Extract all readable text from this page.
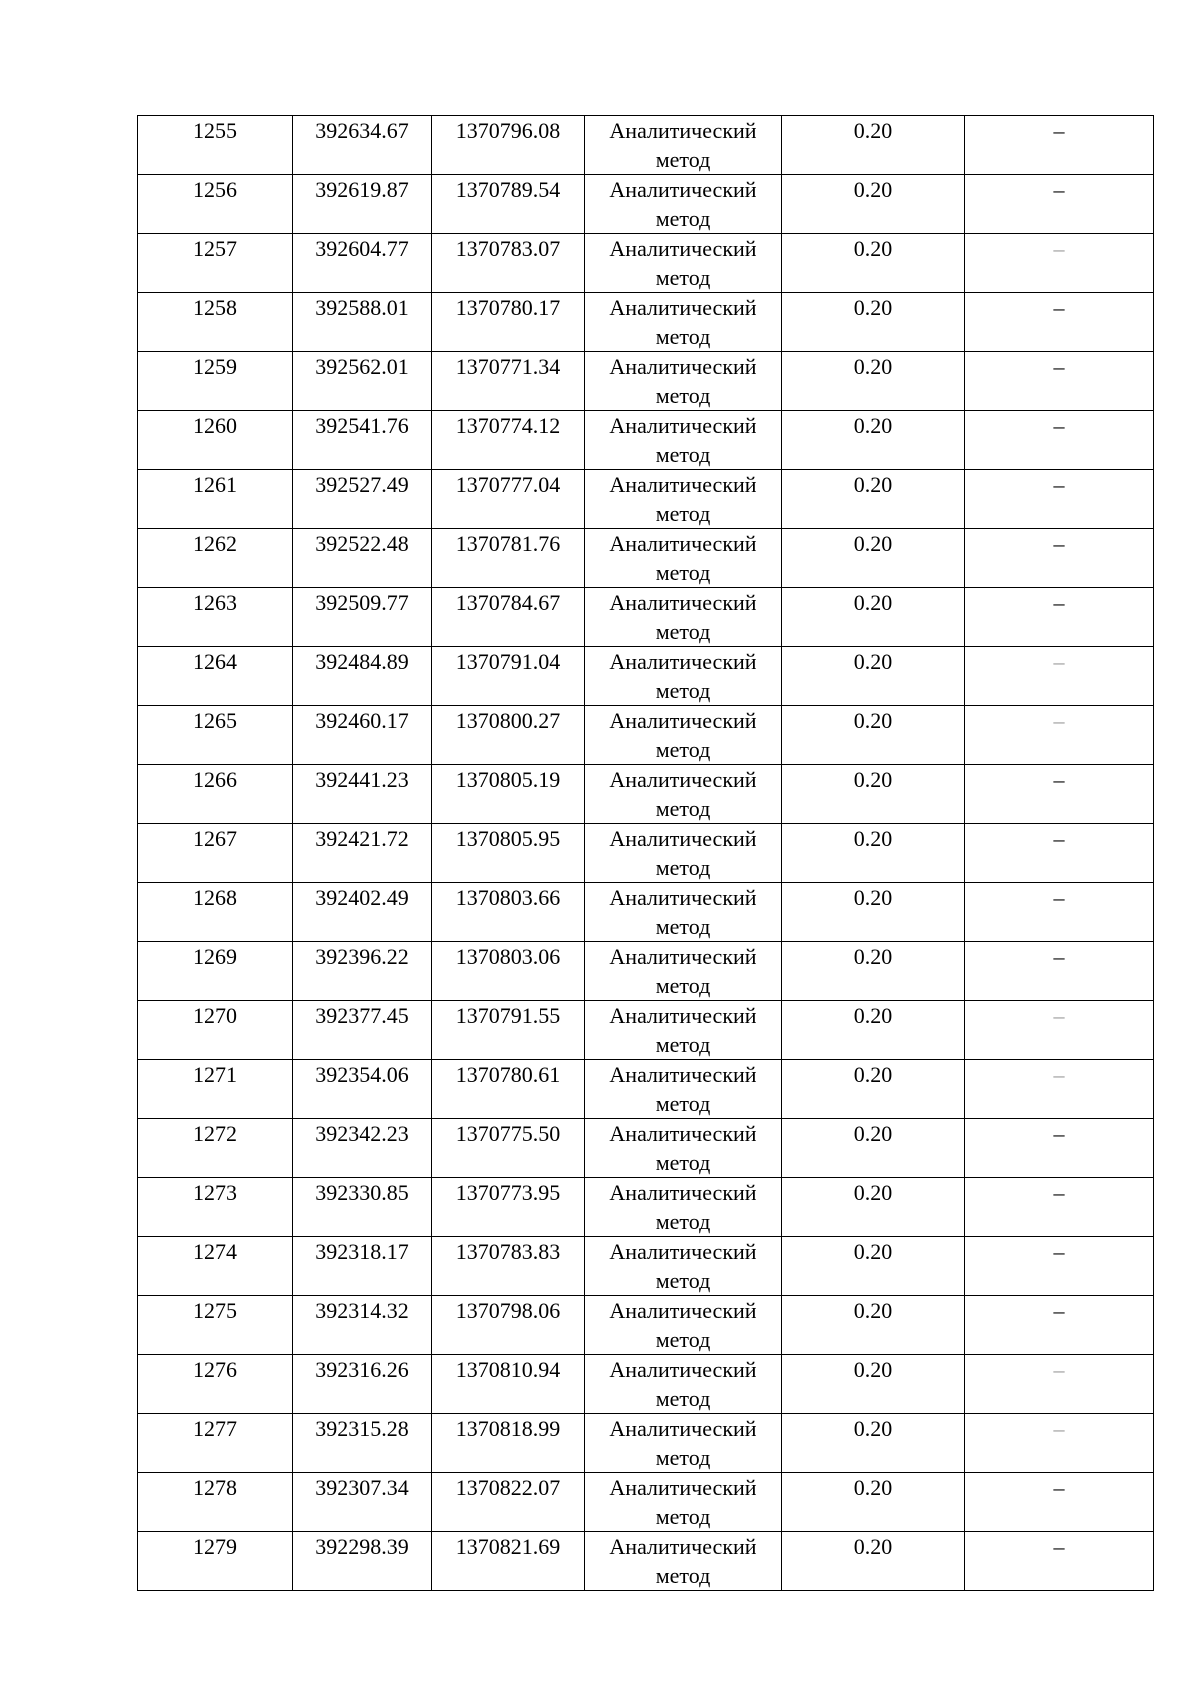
1255	392634.67	1370796.08	Аналитический метод	0.20	–

1256	392619.87	1370789.54	Аналитический метод	0.20	–

1257	392604.77	1370783.07	Аналитический метод	0.20	–

1258	392588.01	1370780.17	Аналитический метод	0.20	–

1259	392562.01	1370771.34	Аналитический метод	0.20	–

1260	392541.76	1370774.12	Аналитический метод	0.20	–

1261	392527.49	1370777.04	Аналитический метод	0.20	–

1262	392522.48	1370781.76	Аналитический метод	0.20	–

1263	392509.77	1370784.67	Аналитический метод	0.20	–

1264	392484.89	1370791.04	Аналитический метод	0.20	–

1265	392460.17	1370800.27	Аналитический метод	0.20	–

1266	392441.23	1370805.19	Аналитический метод	0.20	–

1267	392421.72	1370805.95	Аналитический метод	0.20	–

1268	392402.49	1370803.66	Аналитический метод	0.20	–

1269	392396.22	1370803.06	Аналитический метод	0.20	–

1270	392377.45	1370791.55	Аналитический метод	0.20	–

1271	392354.06	1370780.61	Аналитический метод	0.20	–

1272	392342.23	1370775.50	Аналитический метод	0.20	–

1273	392330.85	1370773.95	Аналитический метод	0.20	–

1274	392318.17	1370783.83	Аналитический метод	0.20	–

1275	392314.32	1370798.06	Аналитический метод	0.20	–

1276	392316.26	1370810.94	Аналитический метод	0.20	–

1277	392315.28	1370818.99	Аналитический метод	0.20	–

1278	392307.34	1370822.07	Аналитический метод	0.20	–

1279	392298.39	1370821.69	Аналитический метод	0.20	–
